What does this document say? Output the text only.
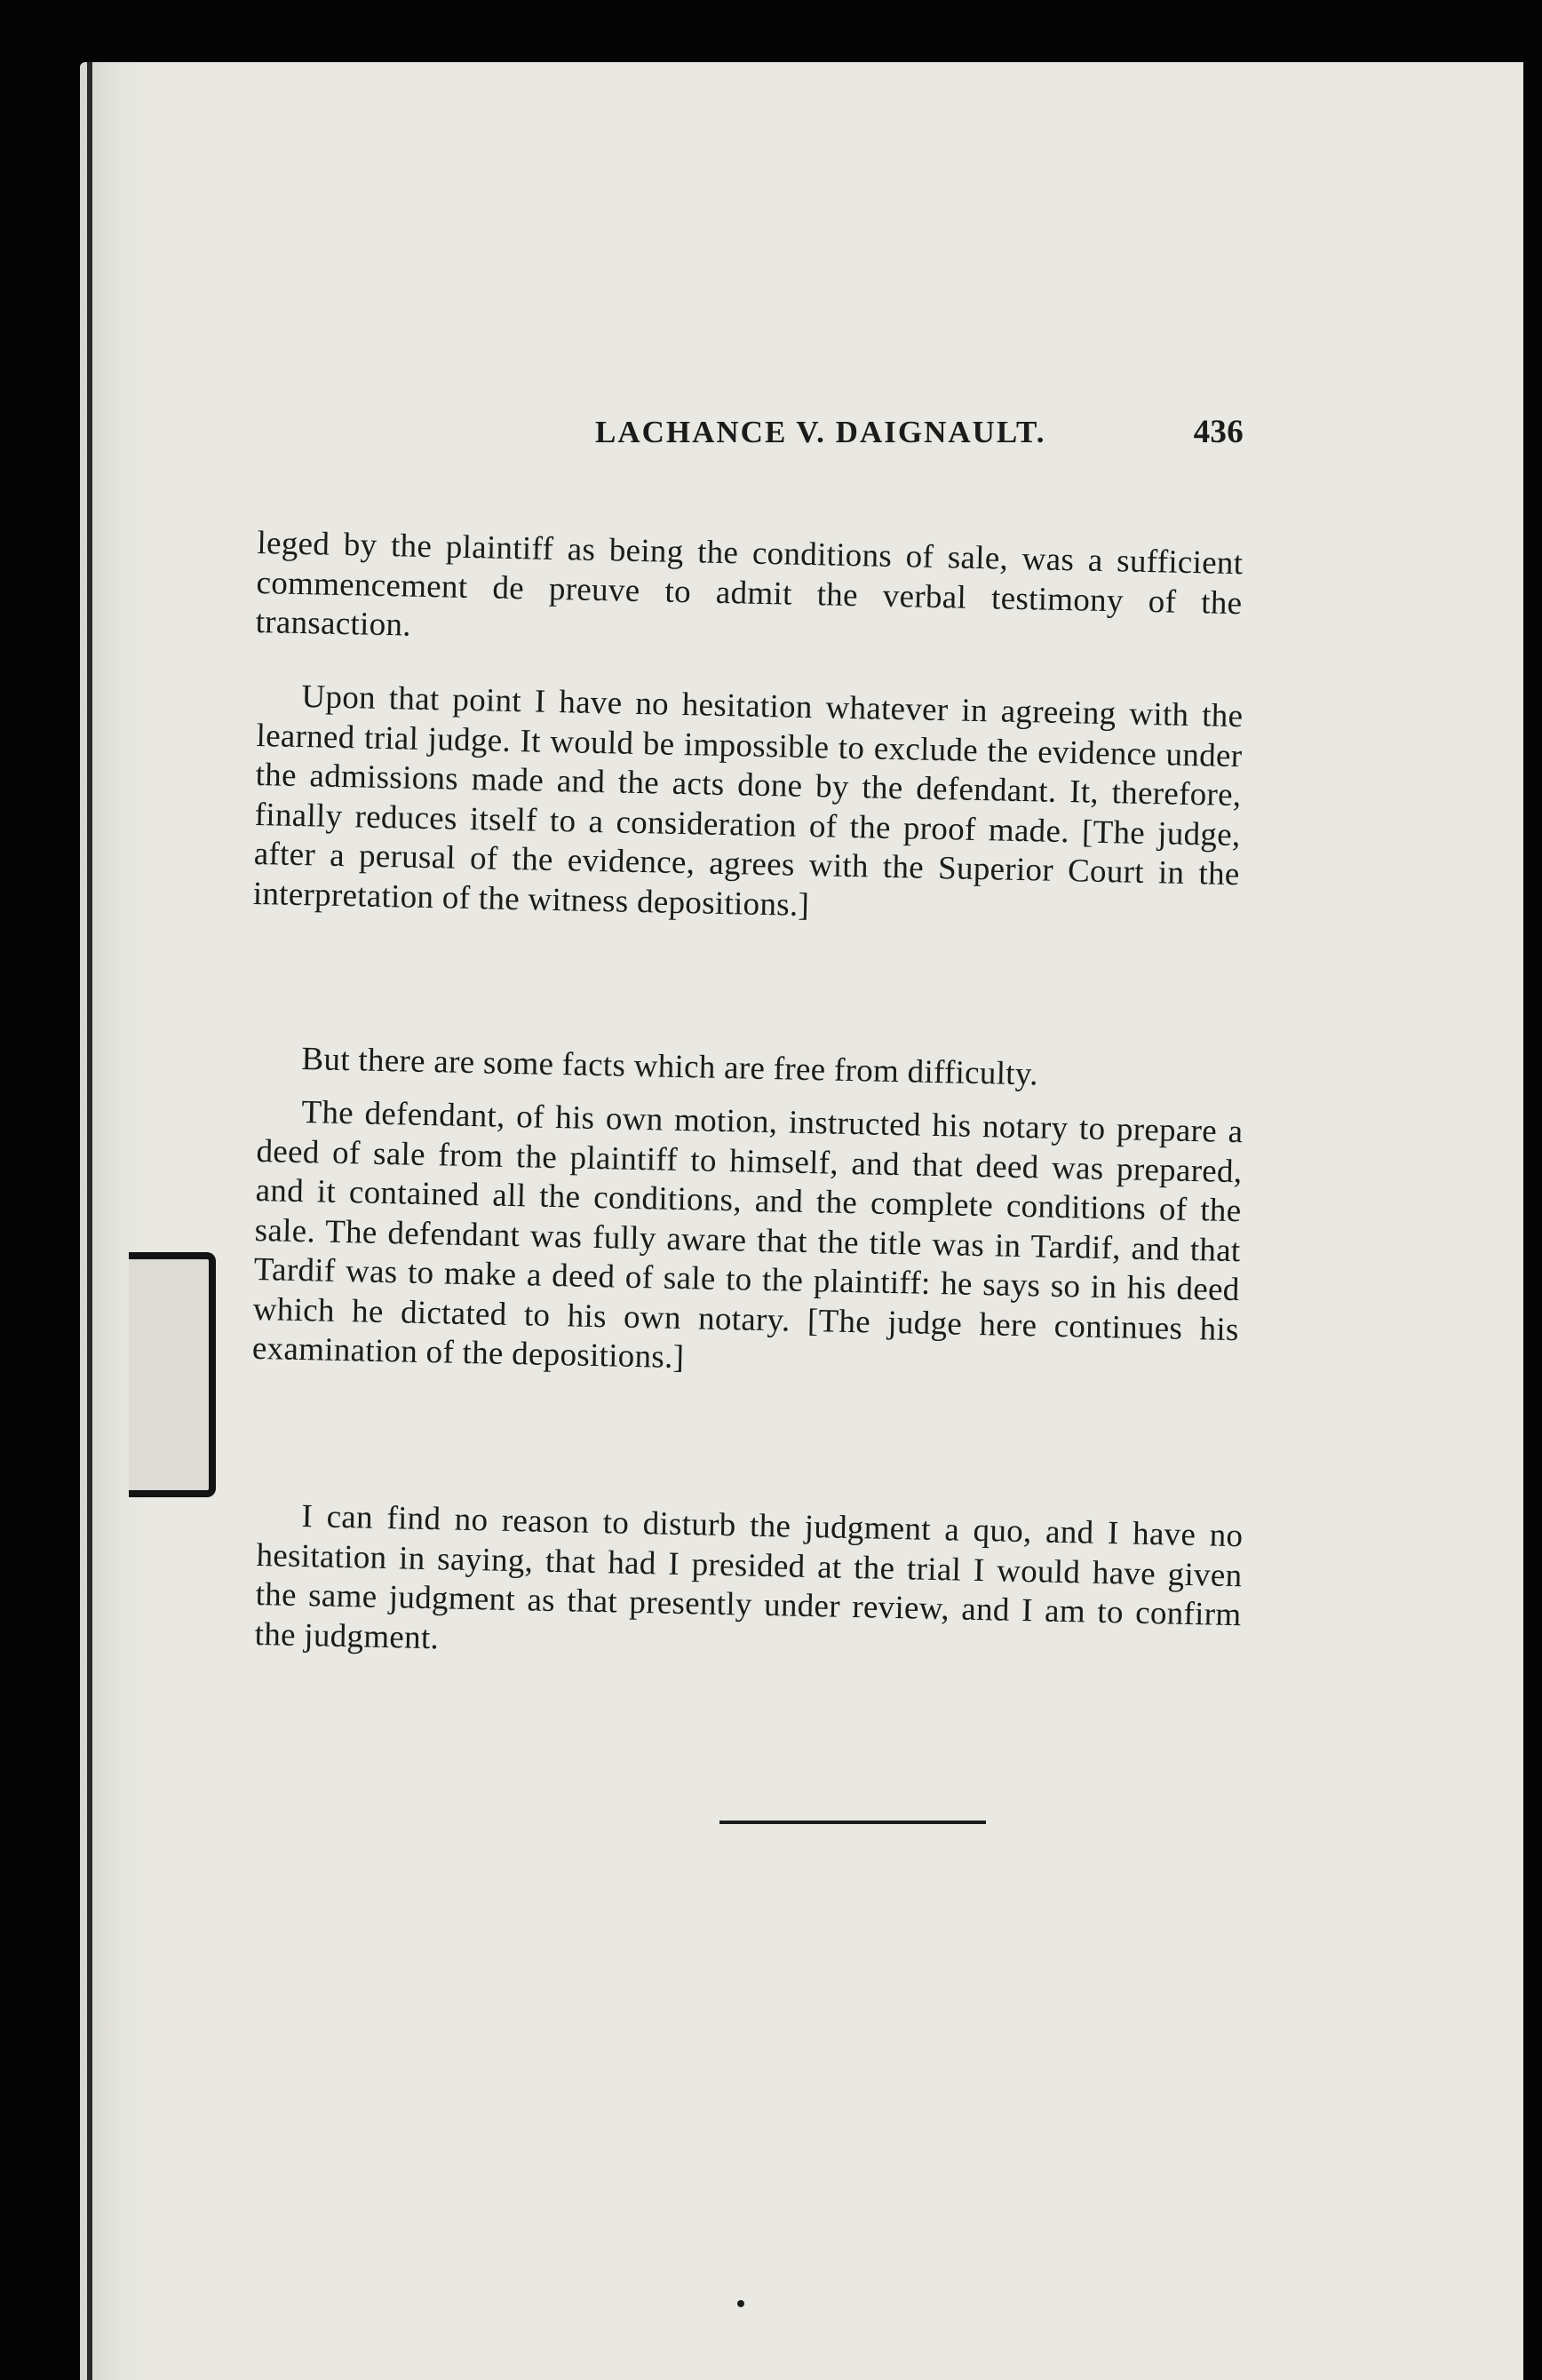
LACHANCE V. DAIGNAULT.	436

leged by the plaintiff as being the conditions of sale, was a sufficient commencement de preuve to admit the verbal testimony of the transaction.

Upon that point I have no hesitation whatever in agreeing with the learned trial judge. It would be impossible to exclude the evidence under the admissions made and the acts done by the defendant. It, therefore, finally reduces itself to a consideration of the proof made. [The judge, after a perusal of the evidence, agrees with the Superior Court in the interpretation of the witness depositions.]

But there are some facts which are free from difficulty.

The defendant, of his own motion, instructed his notary to prepare a deed of sale from the plaintiff to himself, and that deed was prepared, and it contained all the conditions, and the complete conditions of the sale. The defendant was fully aware that the title was in Tardif, and that Tardif was to make a deed of sale to the plaintiff: he says so in his deed which he dictated to his own notary. [The judge here continues his examination of the depositions.]

I can find no reason to disturb the judgment a quo, and I have no hesitation in saying, that had I presided at the trial I would have given the same judgment as that presently under review, and I am to confirm the judgment.
